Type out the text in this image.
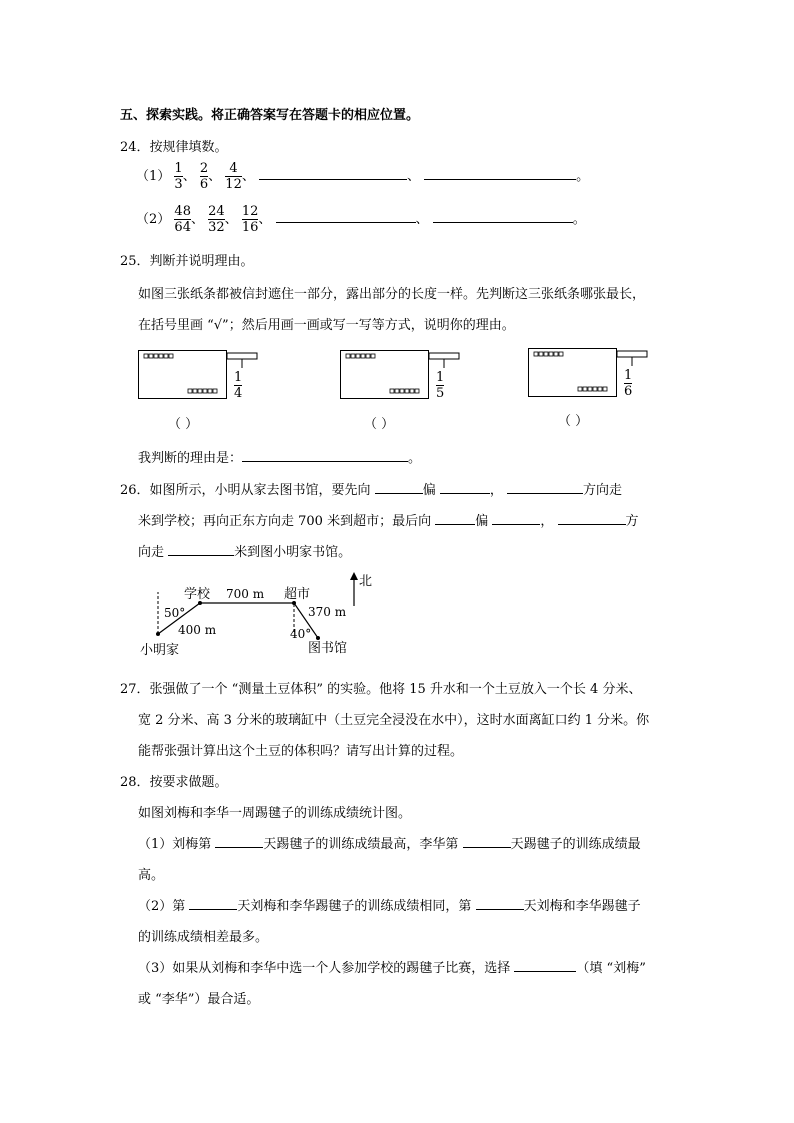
五、探索实践。将正确答案写在答题卡的相应位置。
24．按规律填数。
$(1) \frac{1}{3}$ 、 $\frac{2}{6}$ 、 $\frac{4}{12}$ 、	、	。
$(2) \frac{48}{64}$ 、 $\frac{24}{32}$ 、 $\frac{12}{16}$ 、	、	。
25．判断并说明理由。
如图三张纸条都被信封遮住一部分，露出部分的长度一样。先判断这三张纸条哪张最长，
在括号里画 “√”；然后用画一画或写一写等方式，说明你的理由。
$\frac{1}{4}$
（ ）
$\frac{1}{5}$
（ ）
$\frac{1}{6}$
（ ）
我判断的理由是：	。
26．如图所示，小明从家去图书馆，要先向	偏	，	方向走
米到学校；再向正东方向走 700 米到超市；最后向	偏	，	方
向走	米到图小明家书馆。
北
学校 700 m 超市
50°
400 m
370 m
40°
小明家	图书馆
27．张强做了一个 “测量土豆体积” 的实验。他将 15 升水和一个土豆放入一个长 4 分米、
宽 2 分米、高 3 分米的玻璃缸中（土豆完全浸没在水中），这时水面离缸口约 1 分米。你
能帮张强计算出这个土豆的体积吗？请写出计算的过程。
28．按要求做题。
如图刘梅和李华一周踢毽子的训练成绩统计图。
（1）刘梅第	天踢毽子的训练成绩最高，李华第	天踢毽子的训练成绩最
高。
（2）第	天刘梅和李华踢毽子的训练成绩相同，第	天刘梅和李华踢毽子
的训练成绩相差最多。
（3）如果从刘梅和李华中选一个人参加学校的踢毽子比赛，选择	（填 “刘梅”
或 “李华”）最合适。
